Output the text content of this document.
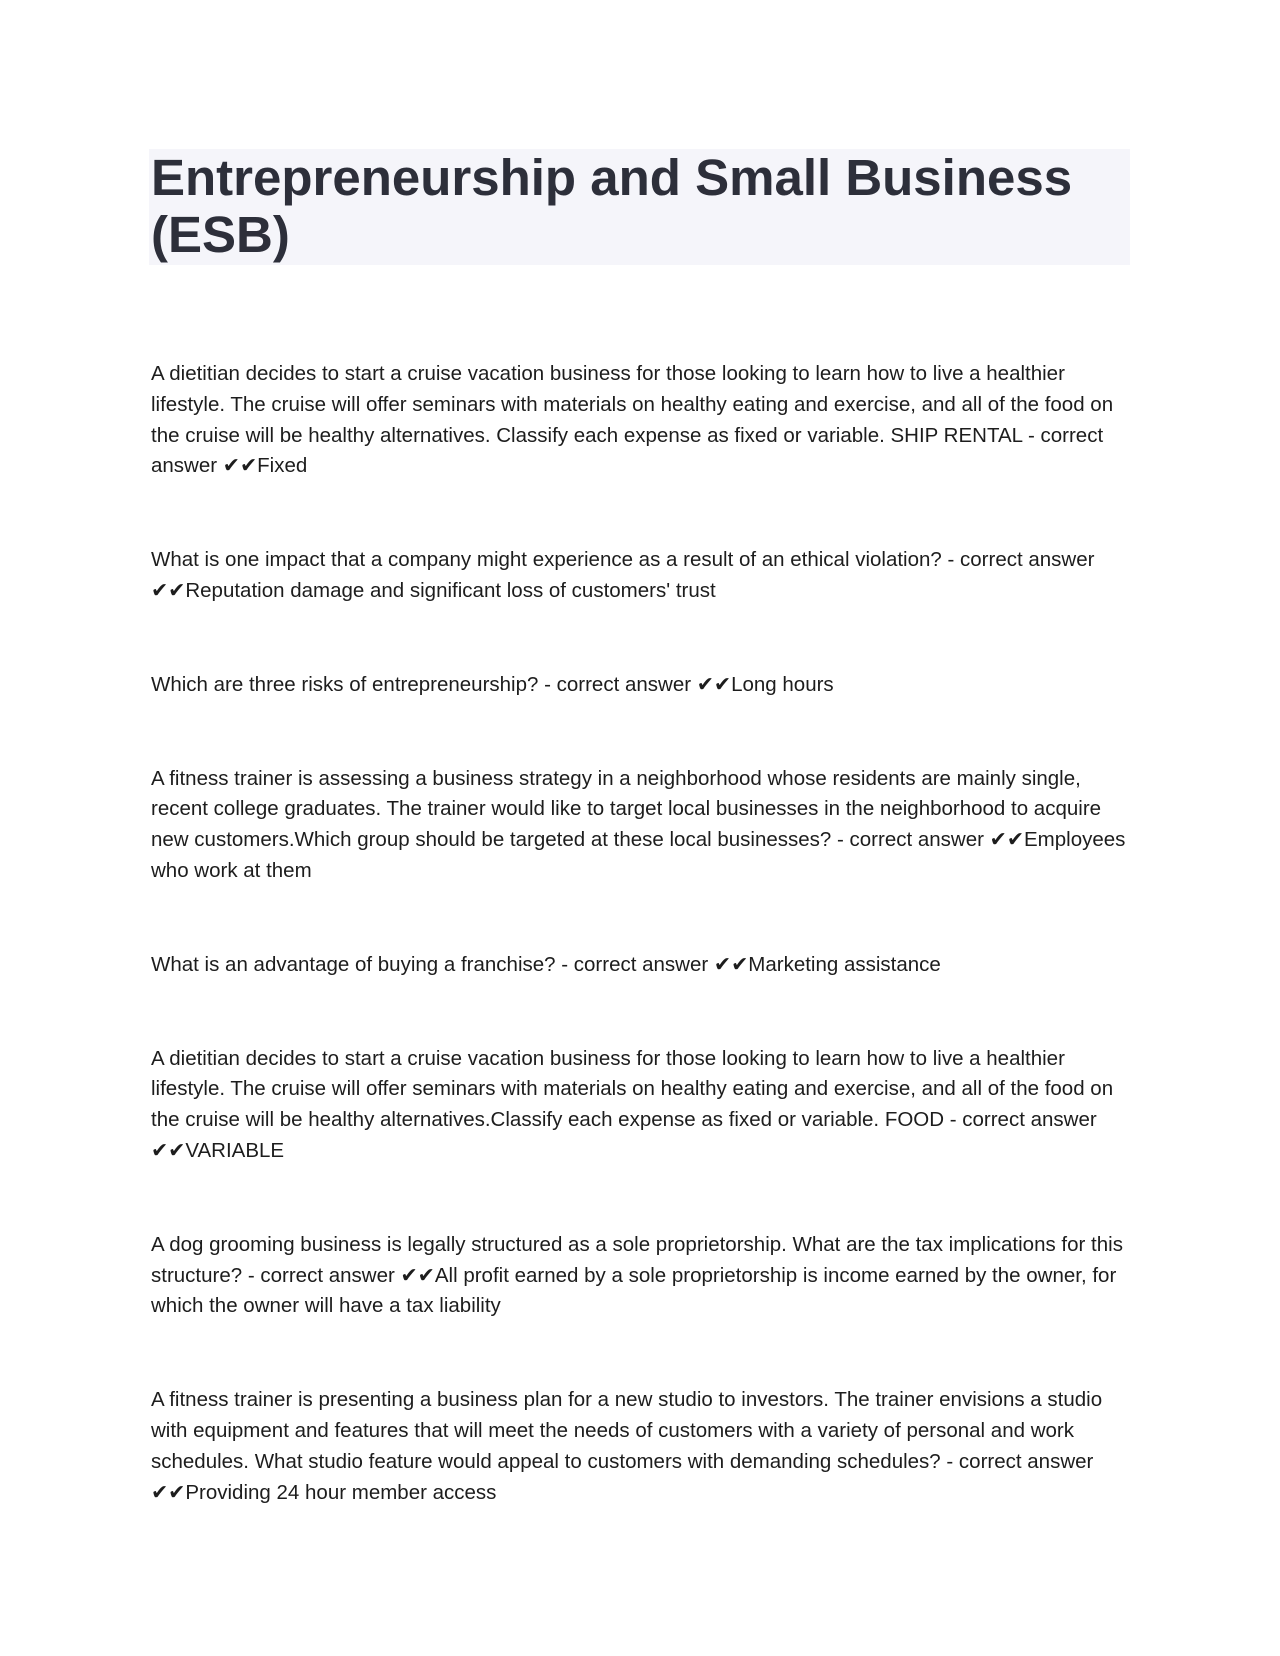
Entrepreneurship and Small Business (ESB)

A dietitian decides to start a cruise vacation business for those looking to learn how to live a healthier lifestyle. The cruise will offer seminars with materials on healthy eating and exercise, and all of the food on the cruise will be healthy alternatives. Classify each expense as fixed or variable. SHIP RENTAL - correct answer ✔✔Fixed

What is one impact that a company might experience as a result of an ethical violation? - correct answer ✔✔Reputation damage and significant loss of customers' trust

Which are three risks of entrepreneurship? - correct answer ✔✔Long hours

A fitness trainer is assessing a business strategy in a neighborhood whose residents are mainly single, recent college graduates. The trainer would like to target local businesses in the neighborhood to acquire new customers.Which group should be targeted at these local businesses? - correct answer ✔✔Employees who work at them

What is an advantage of buying a franchise? - correct answer ✔✔Marketing assistance

A dietitian decides to start a cruise vacation business for those looking to learn how to live a healthier lifestyle. The cruise will offer seminars with materials on healthy eating and exercise, and all of the food on the cruise will be healthy alternatives.Classify each expense as fixed or variable. FOOD - correct answer ✔✔VARIABLE

A dog grooming business is legally structured as a sole proprietorship. What are the tax implications for this structure? - correct answer ✔✔All profit earned by a sole proprietorship is income earned by the owner, for which the owner will have a tax liability

A fitness trainer is presenting a business plan for a new studio to investors. The trainer envisions a studio with equipment and features that will meet the needs of customers with a variety of personal and work schedules. What studio feature would appeal to customers with demanding schedules? - correct answer ✔✔Providing 24 hour member access
